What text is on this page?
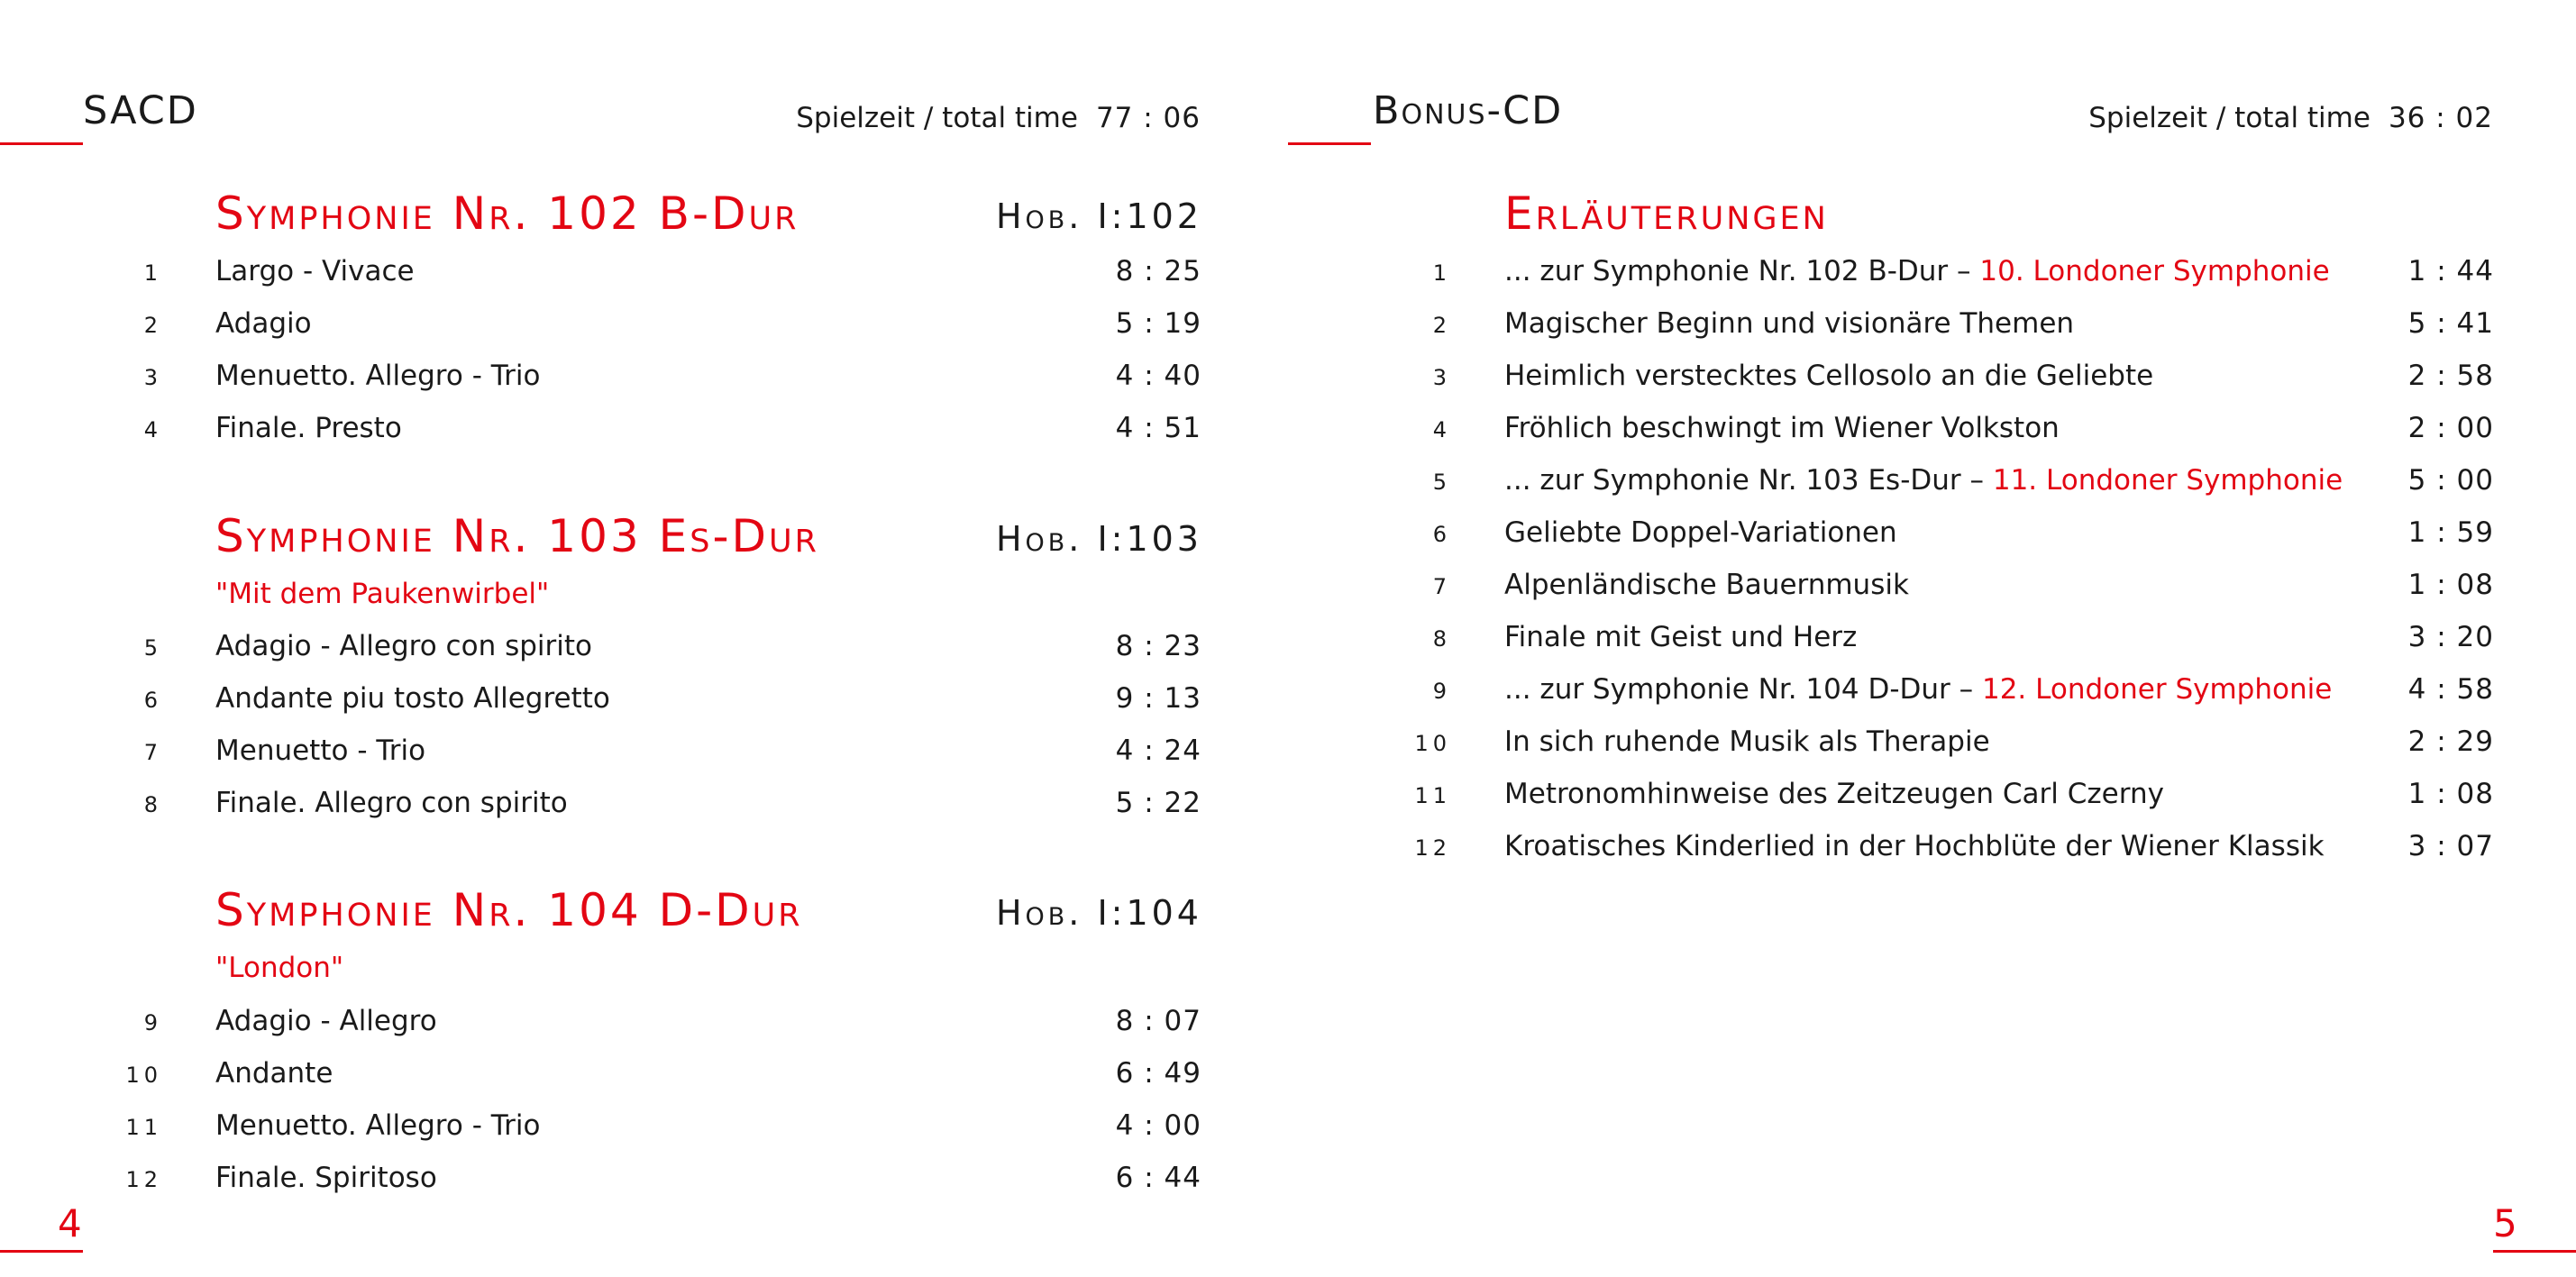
SACD	Spielzeit / total time 77 : 06
Symphonie Nr. 102 B-Dur	Hob. I:102
1 Largo - Vivace	8 : 25
2 Adagio	5 : 19
3 Menuetto. Allegro - Trio	4 : 40
4 Finale. Presto	4 : 51
Symphonie Nr. 103 Es-Dur	Hob. I:103
"Mit dem Paukenwirbel"
5 Adagio - Allegro con spirito	8 : 23
6 Andante piu tosto Allegretto	9 : 13
7 Menuetto - Trio	4 : 24
8 Finale. Allegro con spirito	5 : 22
Symphonie Nr. 104 D-Dur	Hob. I:104
"London"
9 Adagio - Allegro	8 : 07
10 Andante	6 : 49
11 Menuetto. Allegro - Trio	4 : 00
12 Finale. Spiritoso	6 : 44
4
Bonus-CD	Spielzeit / total time 36 : 02
Erläuterungen
1 ... zur Symphonie Nr. 102 B-Dur – 10. Londoner Symphonie	1 : 44
2 Magischer Beginn und visionäre Themen	5 : 41
3 Heimlich verstecktes Cellosolo an die Geliebte	2 : 58
4 Fröhlich beschwingt im Wiener Volkston	2 : 00
5 ... zur Symphonie Nr. 103 Es-Dur – 11. Londoner Symphonie	5 : 00
6 Geliebte Doppel-Variationen	1 : 59
7 Alpenländische Bauernmusik	1 : 08
8 Finale mit Geist und Herz	3 : 20
9 ... zur Symphonie Nr. 104 D-Dur – 12. Londoner Symphonie	4 : 58
10 In sich ruhende Musik als Therapie	2 : 29
11 Metronomhinweise des Zeitzeugen Carl Czerny	1 : 08
12 Kroatisches Kinderlied in der Hochblüte der Wiener Klassik	3 : 07
5
